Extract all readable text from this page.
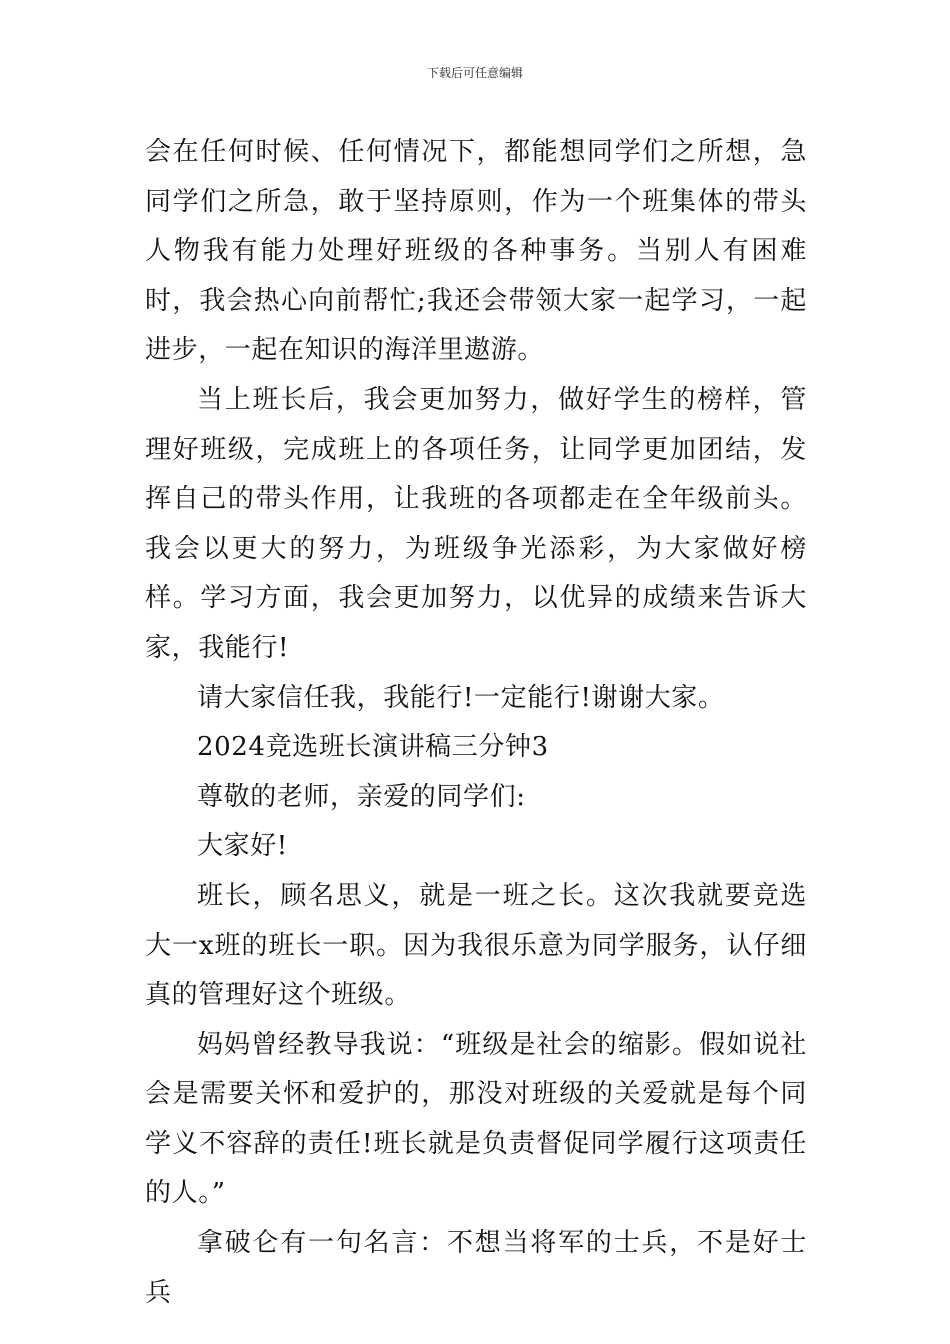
下载后可任意编辑

会在任何时候、任何情况下，都能想同学们之所想，急同学们之所急，敢于坚持原则，作为一个班集体的带头人物我有能力处理好班级的各种事务。当别人有困难时，我会热心向前帮忙;我还会带领大家一起学习，一起进步，一起在知识的海洋里遨游。

当上班长后，我会更加努力，做好学生的榜样，管理好班级，完成班上的各项任务，让同学更加团结，发挥自己的带头作用，让我班的各项都走在全年级前头。我会以更大的努力，为班级争光添彩，为大家做好榜样。学习方面，我会更加努力，以优异的成绩来告诉大家，我能行!

请大家信任我，我能行!一定能行!谢谢大家。

2024竞选班长演讲稿三分钟3

尊敬的老师，亲爱的同学们:

大家好!

班长，顾名思义，就是一班之长。这次我就要竞选大一x班的班长一职。因为我很乐意为同学服务，认仔细真的管理好这个班级。

妈妈曾经教导我说：“班级是社会的缩影。假如说社会是需要关怀和爱护的，那没对班级的关爱就是每个同学义不容辞的责任!班长就是负责督促同学履行这项责任的人。”

拿破仑有一句名言：不想当将军的士兵，不是好士兵
